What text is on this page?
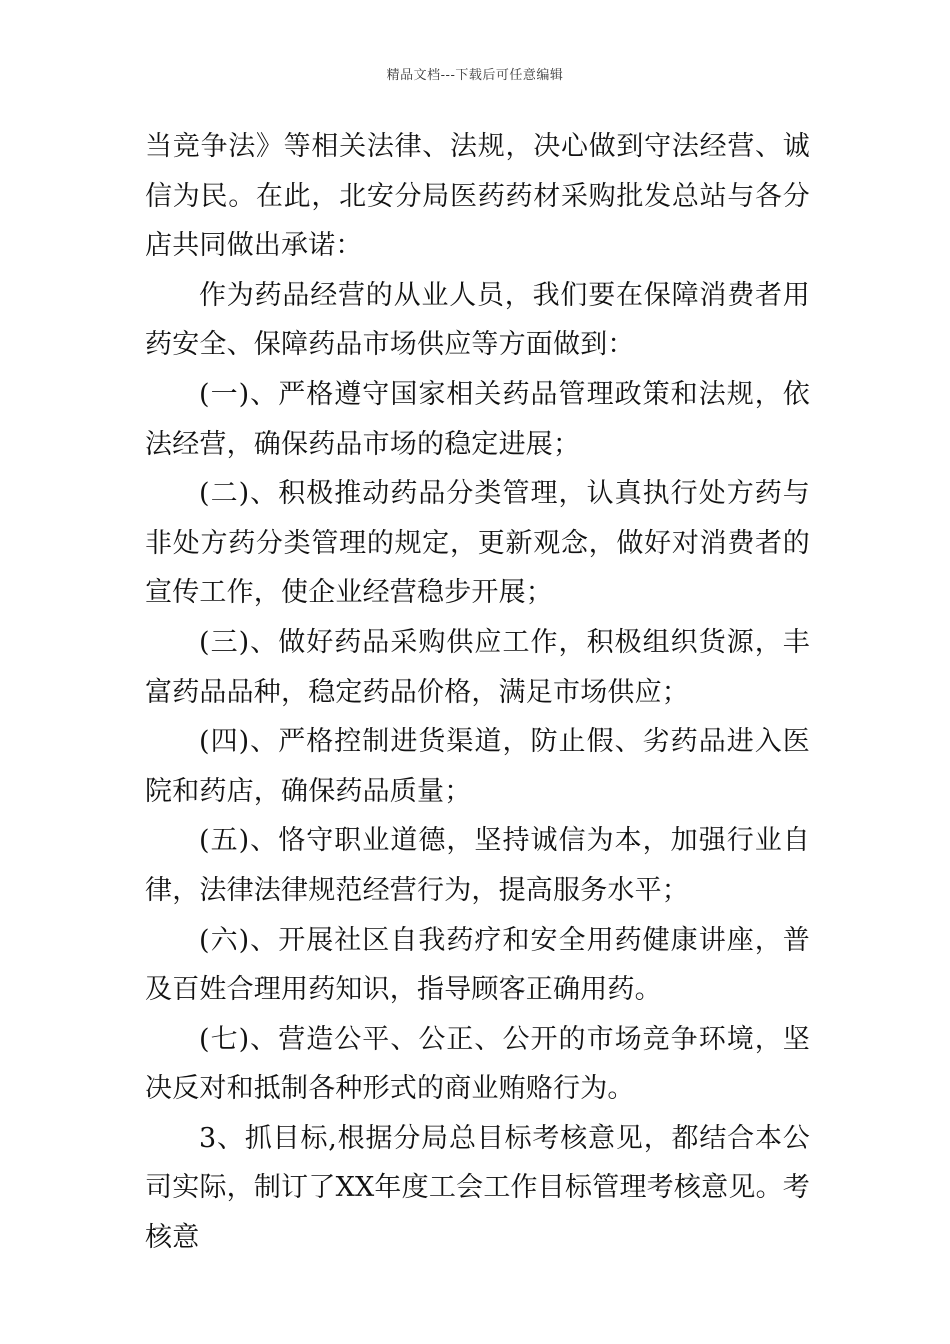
精品文档---下载后可任意编辑

当竞争法》等相关法律、法规，决心做到守法经营、诚信为民。在此，北安分局医药药材采购批发总站与各分店共同做出承诺：

作为药品经营的从业人员，我们要在保障消费者用药安全、保障药品市场供应等方面做到：

(一)、严格遵守国家相关药品管理政策和法规，依法经营，确保药品市场的稳定进展；

(二)、积极推动药品分类管理，认真执行处方药与非处方药分类管理的规定，更新观念，做好对消费者的宣传工作，使企业经营稳步开展；

(三)、做好药品采购供应工作，积极组织货源，丰富药品品种，稳定药品价格，满足市场供应；

(四)、严格控制进货渠道，防止假、劣药品进入医院和药店，确保药品质量；

(五)、恪守职业道德，坚持诚信为本，加强行业自律，法律法律规范经营行为，提高服务水平；

(六)、开展社区自我药疗和安全用药健康讲座，普及百姓合理用药知识，指导顾客正确用药。

(七)、营造公平、公正、公开的市场竞争环境，坚决反对和抵制各种形式的商业贿赂行为。

3、抓目标,根据分局总目标考核意见，都结合本公司实际，制订了XX年度工会工作目标管理考核意见。考核意
